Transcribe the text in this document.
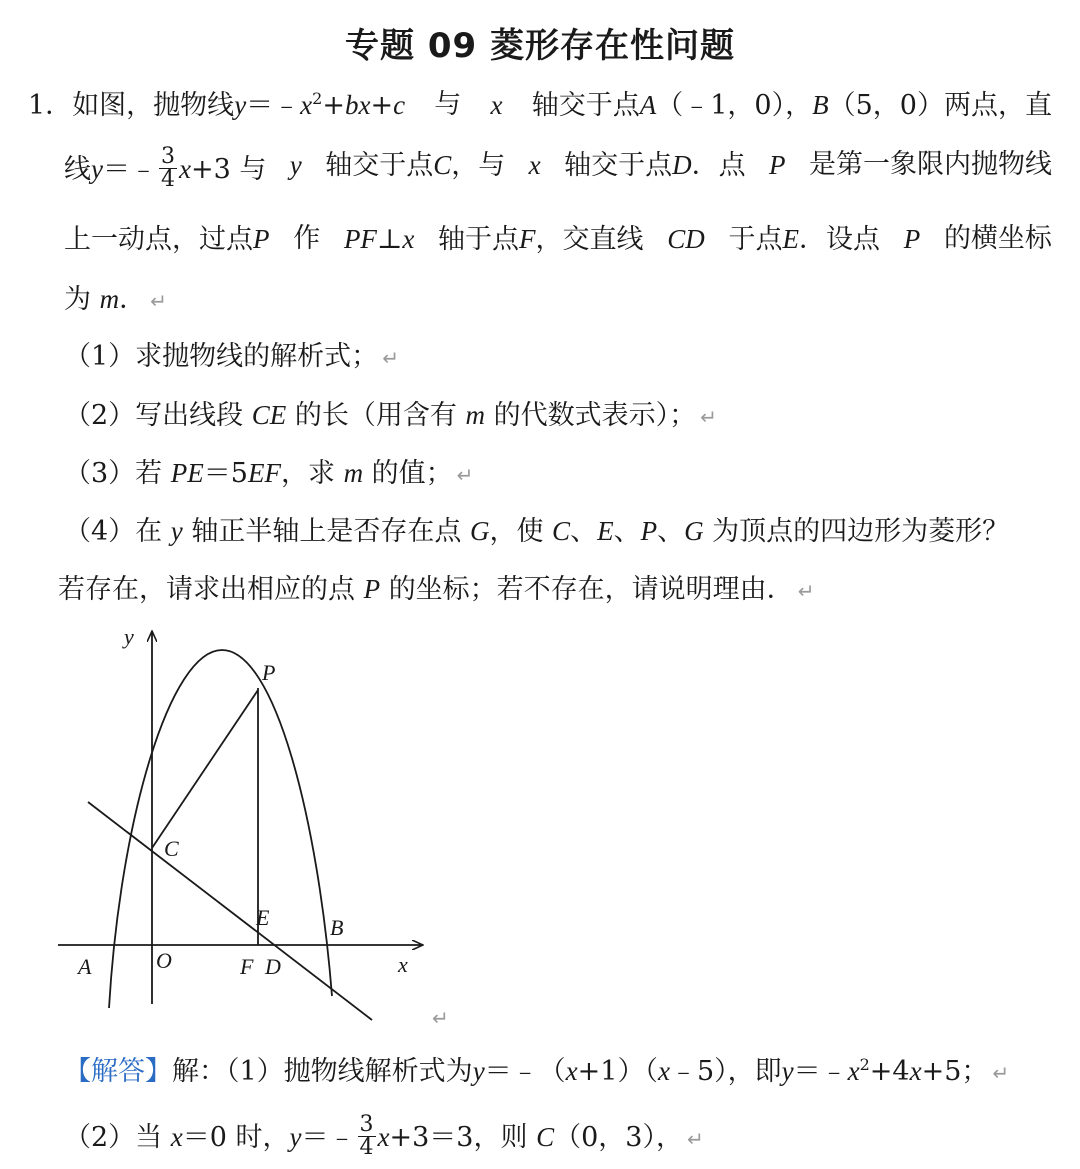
专题 09 菱形存在性问题
1．如图，抛物线$y=﹣x^2+bx+c$ 与 x 轴交于点A（﹣1，0），B（5，0）两点，直
线y＝﹣ $\frac{3}{4} x+3$ 与 y 轴交于点C，与 x 轴交于点D．点 P 是第一象限内抛物线
上一动点，过点P 作 PF⊥x 轴于点F，交直线 CD 于点E．设点 P 的横坐标
为 m． ↵
（1）求抛物线的解析式； ↵
（2）写出线段 CE 的长（用含有 m 的代数式表示）； ↵
（3）若 PE＝5EF，求 m 的值； ↵
（4）在 y 轴正半轴上是否存在点 G，使 C、E、P、G 为顶点的四边形为菱形？
若存在，请求出相应的点 P 的坐标；若不存在，请说明理由． ↵
y
P
C
E	B
A	O	F D	x
↵
【解答】解：（1）抛物线解析式为y＝﹣（x+1）（x﹣5），即$y=﹣x^2+4x+5$； ↵
（2）当 x＝0 时，y＝﹣ $\frac{3}{4} x+3=3$，则 C（0，3）， ↵
